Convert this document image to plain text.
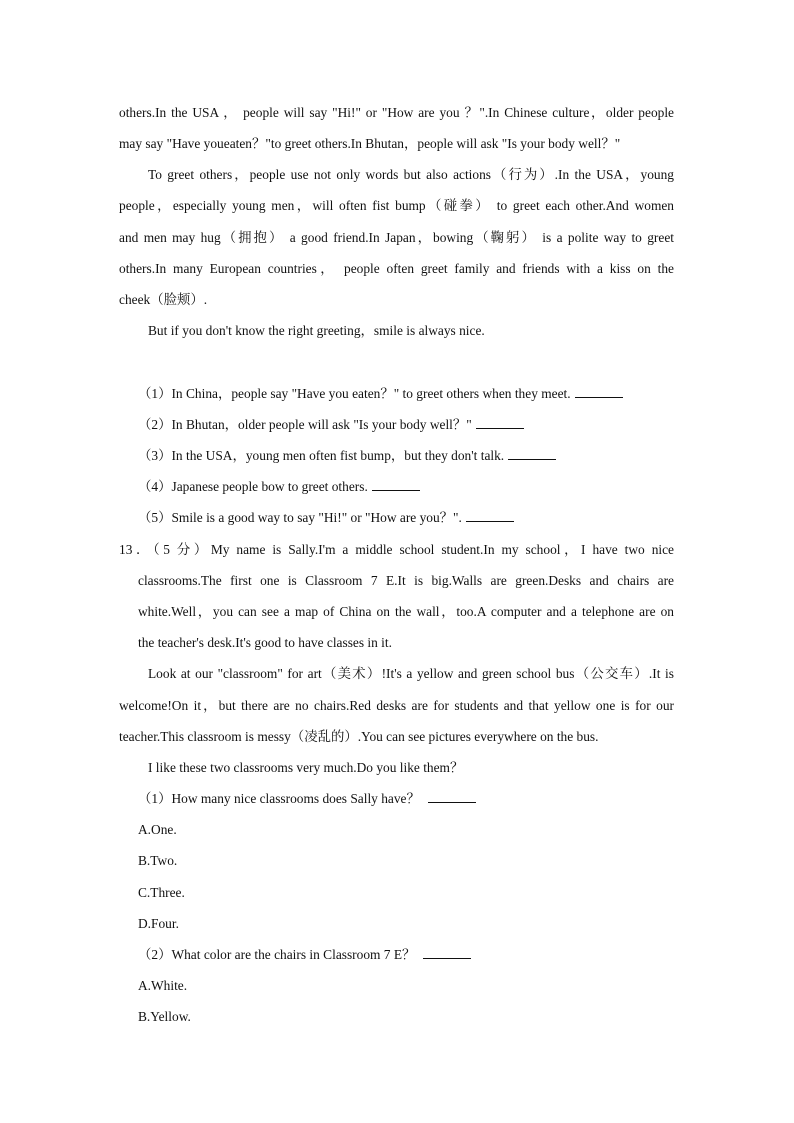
others.In the USA ， people will say "Hi!" or "How are you ？".In Chinese culture，older people
may say "Have youeaten？"to greet others.In Bhutan，people will ask "Is your body well？"
To greet others，people use not only words but also actions（行为）.In the USA，young
people，especially young men，will often fist bump（碰拳） to greet each other.And women
and men may hug（拥抱） a good friend.In Japan，bowing（鞠躬） is a polite way to greet
others.In many European countries， people often greet family and friends with a kiss on the
cheek（脸颊）.
But if you don't know the right greeting，smile is always nice.
（1）In China，people say "Have you eaten？" to greet others when they meet.
（2）In Bhutan，older people will ask "Is your body well？"
（3）In the USA，young men often fist bump，but they don't talk.
（4）Japanese people bow to greet others.
（5）Smile is a good way to say "Hi!" or "How are you？".
13．（5 分）My name is Sally.I'm a middle school student.In my school，I have two nice
classrooms.The first one is Classroom 7 E.It is big.Walls are green.Desks and chairs are
white.Well，you can see a map of China on the wall，too.A computer and a telephone are on
the teacher's desk.It's good to have classes in it.
Look at our "classroom" for art（美术）!It's a yellow and green school bus（公交车）.It is
welcome!On it，but there are no chairs.Red desks are for students and that yellow one is for our
teacher.This classroom is messy（凌乱的）.You can see pictures everywhere on the bus.
I like these two classrooms very much.Do you like them？
（1）How many nice classrooms does Sally have？
A.One.
B.Two.
C.Three.
D.Four.
（2）What color are the chairs in Classroom 7 E？
A.White.
B.Yellow.
